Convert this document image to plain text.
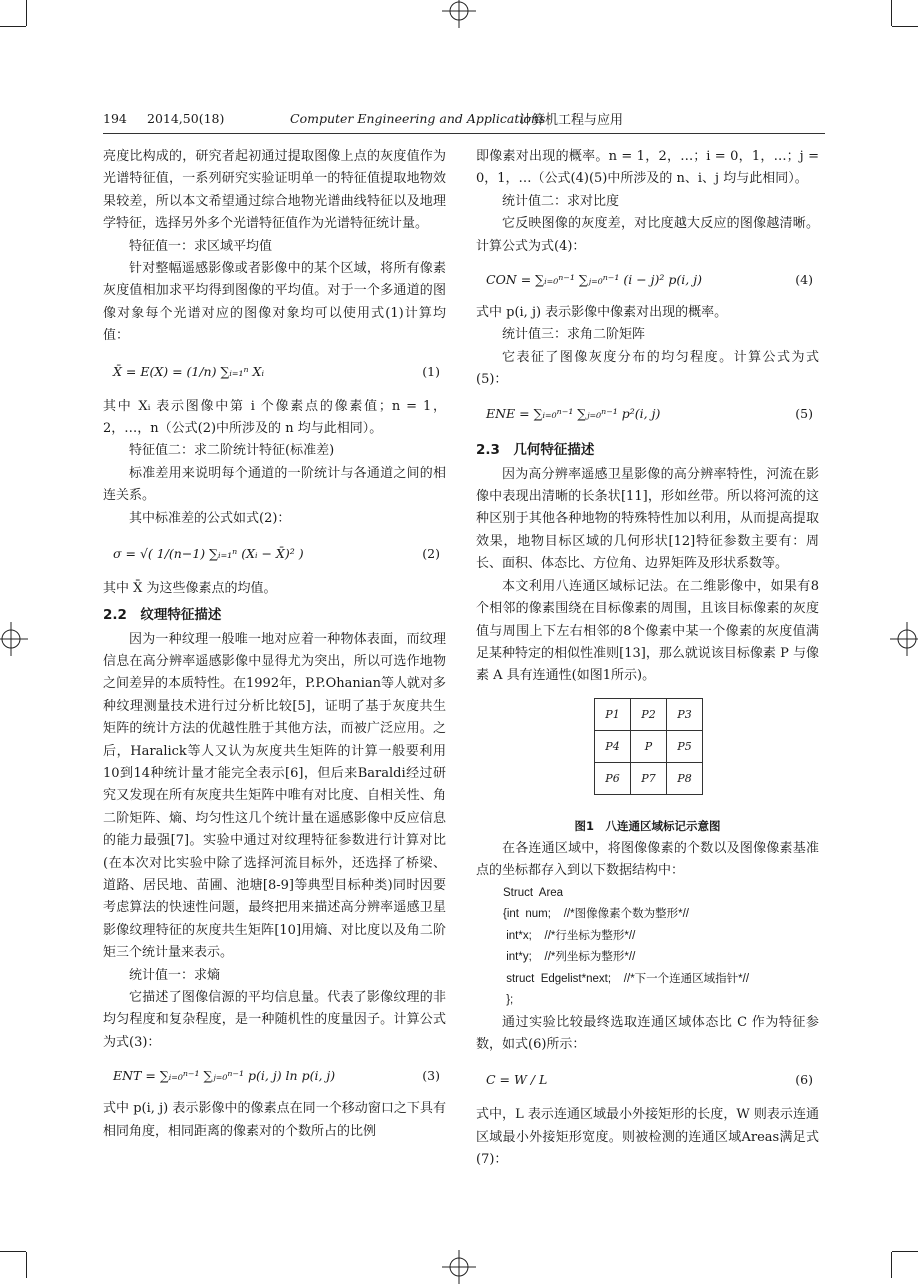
194 2014,50(18)	Computer Engineering and Applications
计算机工程与应用

亮度比构成的，研究者起初通过提取图像上点的灰度值作为光谱特征值，一系列研究实验证明单一的特征值提取地物效果较差，所以本文希望通过综合地物光谱曲线特征以及地理学特征，选择另外多个光谱特征值作为光谱特征统计量。

特征值一：求区域平均值

针对整幅遥感影像或者影像中的某个区域，将所有像素灰度值相加求平均得到图像的平均值。对于一个多通道的图像对象每个光谱对应的图像对象均可以使用式(1)计算均值：

X̄ = E(X) = (1/n) ∑ᵢ₌₁ⁿ Xᵢ	(1)

其中 Xᵢ 表示图像中第 i 个像素点的像素值；n = 1，2，…，n（公式(2)中所涉及的 n 均与此相同）。

特征值二：求二阶统计特征(标准差)

标准差用来说明每个通道的一阶统计与各通道之间的相连关系。

其中标准差的公式如式(2)：

σ = √( 1/(n−1) ∑ᵢ₌₁ⁿ (Xᵢ − X̄)² )	(2)

其中 X̄ 为这些像素点的均值。

2.2　纹理特征描述

因为一种纹理一般唯一地对应着一种物体表面，而纹理信息在高分辨率遥感影像中显得尤为突出，所以可选作地物之间差异的本质特性。在1992年，P.P.Ohanian等人就对多种纹理测量技术进行过分析比较[5]，证明了基于灰度共生矩阵的统计方法的优越性胜于其他方法，而被广泛应用。之后，Haralick等人又认为灰度共生矩阵的计算一般要利用10到14种统计量才能完全表示[6]，但后来Baraldi经过研究又发现在所有灰度共生矩阵中唯有对比度、自相关性、角二阶矩阵、熵、均匀性这几个统计量在遥感影像中反应信息的能力最强[7]。实验中通过对纹理特征参数进行计算对比(在本次对比实验中除了选择河流目标外，还选择了桥梁、道路、居民地、苗圃、池塘[8-9]等典型目标种类)同时因要考虑算法的快速性问题，最终把用来描述高分辨率遥感卫星影像纹理特征的灰度共生矩阵[10]用熵、对比度以及角二阶矩三个统计量来表示。

统计值一：求熵

它描述了图像信源的平均信息量。代表了影像纹理的非均匀程度和复杂程度，是一种随机性的度量因子。计算公式为式(3)：

ENT = ∑ᵢ₌₀ⁿ⁻¹ ∑ⱼ₌₀ⁿ⁻¹ p(i, j) ln p(i, j)	(3)

式中 p(i, j) 表示影像中的像素点在同一个移动窗口之下具有相同角度，相同距离的像素对的个数所占的比例

即像素对出现的概率。n = 1，2，…；i = 0，1，…；j = 0，1，…（公式(4)(5)中所涉及的 n、i、j 均与此相同）。

统计值二：求对比度

它反映图像的灰度差，对比度越大反应的图像越清晰。计算公式为式(4)：

CON = ∑ᵢ₌₀ⁿ⁻¹ ∑ⱼ₌₀ⁿ⁻¹ (i − j)² p(i, j)	(4)

式中 p(i, j) 表示影像中像素对出现的概率。

统计值三：求角二阶矩阵

它表征了图像灰度分布的均匀程度。计算公式为式(5)：

ENE = ∑ᵢ₌₀ⁿ⁻¹ ∑ⱼ₌₀ⁿ⁻¹ p²(i, j)	(5)
2.3　几何特征描述

因为高分辨率遥感卫星影像的高分辨率特性，河流在影像中表现出清晰的长条状[11]，形如丝带。所以将河流的这种区别于其他各种地物的特殊特性加以利用，从而提高提取效果，地物目标区域的几何形状[12]特征参数主要有：周长、面积、体态比、方位角、边界矩阵及形状系数等。

本文利用八连通区域标记法。在二维影像中，如果有8个相邻的像素围绕在目标像素的周围，且该目标像素的灰度值与周围上下左右相邻的8个像素中某一个像素的灰度值满足某种特定的相似性准则[13]，那么就说该目标像素 P 与像素 A 具有连通性(如图1所示)。

P1	P2	P3
P4	P	P5
P6	P7	P8
图1　八连通区域标记示意图

在各连通区域中，将图像像素的个数以及图像像素基准点的坐标都存入到以下数据结构中：

Struct  Area
{int  num;    //*图像像素个数为整形*//
int*x;    //*行坐标为整形*//
int*y;    //*列坐标为整形*//
struct  Edgelist*next;    //*下一个连通区域指针*//
};

通过实验比较最终选取连通区域体态比 C 作为特征参数，如式(6)所示：

C = W / L	(6)

式中，L 表示连通区域最小外接矩形的长度，W 则表示连通区域最小外接矩形宽度。则被检测的连通区域Areas满足式(7)：
